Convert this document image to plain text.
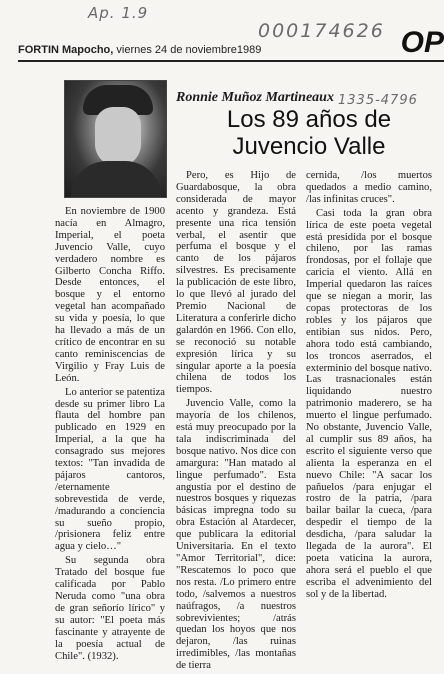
Ap. 1.9
000174626
1335-4796
FORTIN Mapocho, viernes 24 de noviembre1989	OP
Ronnie Muñoz Martineaux
Los 89 años de
Juvencio Valle

En noviembre de 1900 nacía en Almagro, Imperial, el poeta Juvencio Valle, cuyo verdadero nombre es Gilberto Concha Riffo. Desde entonces, el bosque y el entorno vegetal han acompañado su vida y poesía, lo que ha llevado a más de un crítico de encontrar en su canto reminiscencias de Virgilio y Fray Luis de León.

Lo anterior se patentiza desde su primer libro La flauta del hombre pan publicado en 1929 en Imperial, a la que ha consagrado sus mejores textos: "Tan invadida de pájaros cantoros, /eternamente sobrevestida de verde, /madurando a conciencia su sueño propio, /prisionera feliz entre agua y cielo…"

Su segunda obra Tratado del bosque fue calificada por Pablo Neruda como "una obra de gran señorío lírico" y su autor: "El poeta más fascinante y atrayente de la poesía actual de Chile". (1932).

Pero, es Hijo de Guardabosque, la obra considerada de mayor acento y grandeza. Está presente una rica tensión verbal, el asentir que perfuma el bosque y el canto de los pájaros silvestres. Es precisamente la publicación de este libro, lo que llevó al jurado del Premio Nacional de Literatura a conferirle dicho galardón en 1966. Con ello, se reconoció su notable expresión lírica y su singular aporte a la poesía chilena de todos los tiempos.

Juvencio Valle, como la mayoría de los chilenos, está muy preocupado por la tala indiscriminada del bosque nativo. Nos dice con amargura: "Han matado al lingue perfumado". Esta angustia por el destino de nuestros bosques y riquezas básicas impregna todo su obra Estación al Atardecer, que publicara la editorial Universitaria. En el texto "Amor Territorial", dice: "Rescatemos lo poco que nos resta. /Lo primero entre todo, /salvemos a nuestros naúfragos, /a nuestros sobrevivientes; /atrás quedan los hoyos que nos dejaron, /las ruinas irredimibles, /las montañas de tierra

cernida, /los muertos quedados a medio camino, /las infinitas cruces".

Casi toda la gran obra lírica de este poeta vegetal está presidida por el bosque chileno, por las ramas frondosas, por el follaje que caricia el viento. Allá en Imperial quedaron las raíces que se niegan a morir, las copas protectoras de los robles y los pájaros que entibian sus nidos. Pero, ahora todo está cambiando, los troncos aserrados, el exterminio del bosque nativo. Las trasnacionales están liquidando nuestro patrimonio maderero, se ha muerto el lingue perfumado. No obstante, Juvencio Valle, al cumplir sus 89 años, ha escrito el siguiente verso que alienta la esperanza en el nuevo Chile: "A sacar los pañuelos /para enjugar el rostro de la patria, /para bailar bailar la cueca, /para despedir el tiempo de la desdicha, /para saludar la llegada de la aurora". El poeta vaticina la aurora, ahora será el pueblo el que escriba el advenimiento del sol y de la libertad.
